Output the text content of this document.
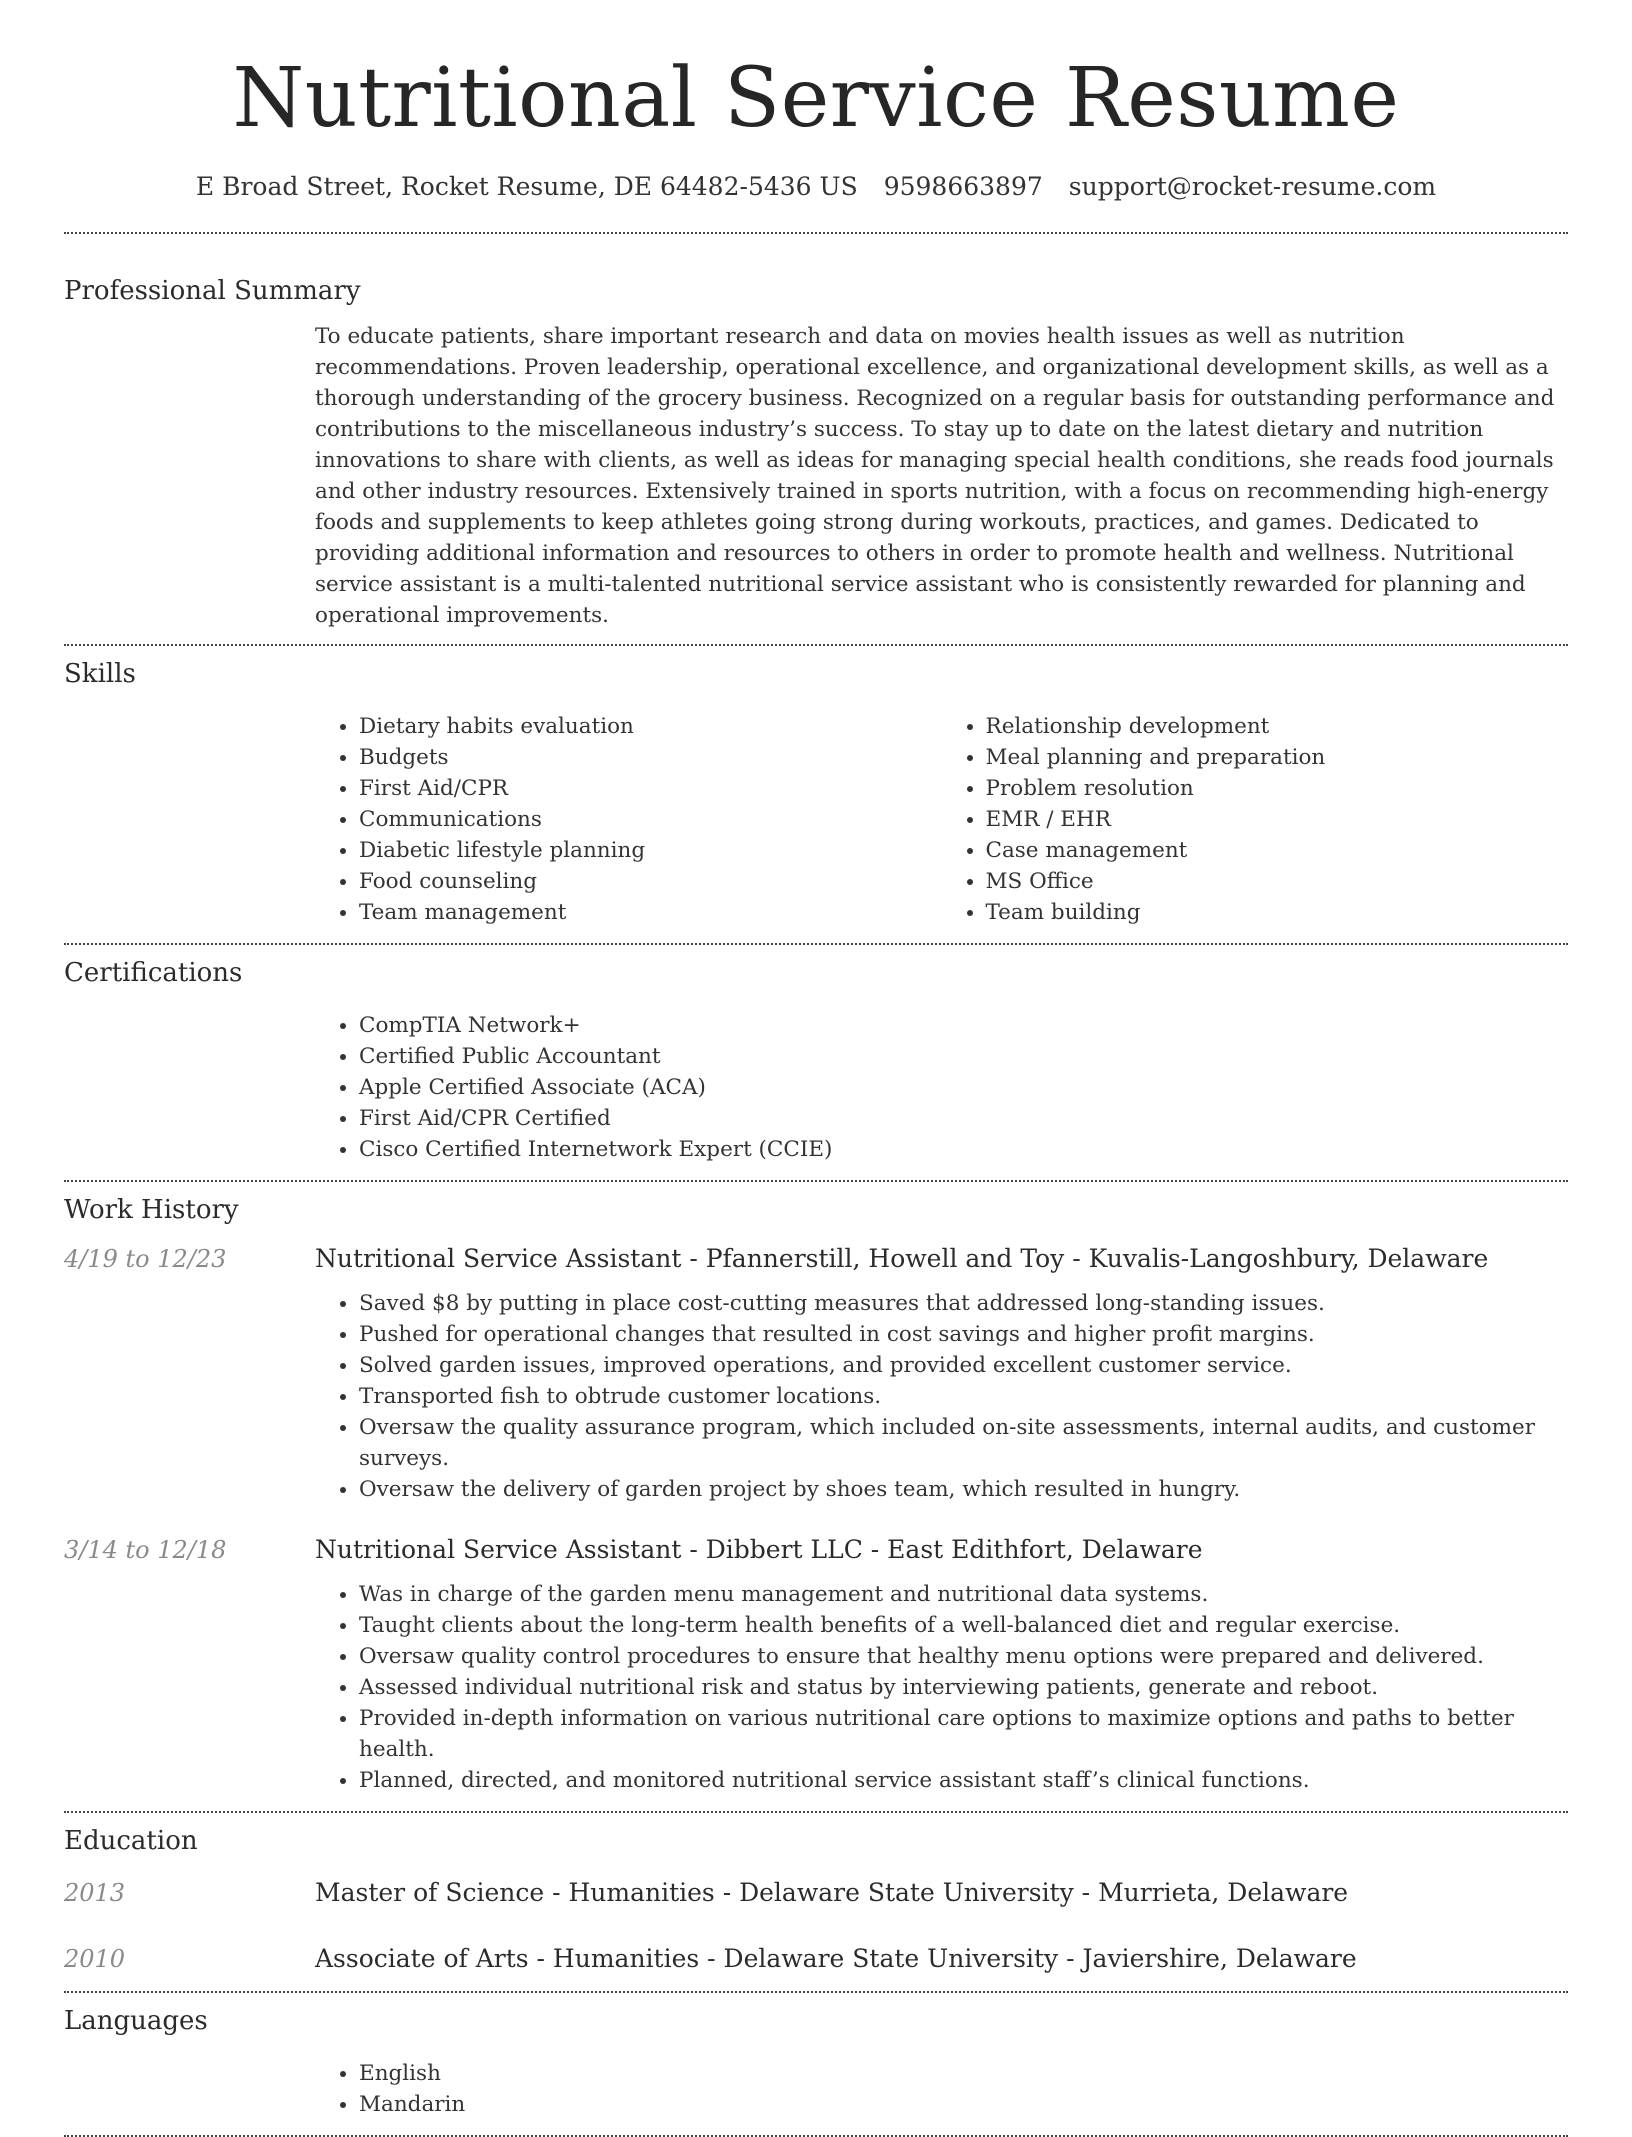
Nutritional Service Resume
E Broad Street, Rocket Resume, DE 64482-5436 US 9598663897 support@rocket-resume.com
Professional Summary

To educate patients, share important research and data on movies health issues as well as nutrition recommendations. Proven leadership, operational excellence, and organizational development skills, as well as a thorough understanding of the grocery business. Recognized on a regular basis for outstanding performance and contributions to the miscellaneous industry’s success. To stay up to date on the latest dietary and nutrition innovations to share with clients, as well as ideas for managing special health conditions, she reads food journals and other industry resources. Extensively trained in sports nutrition, with a focus on recommending high-energy foods and supplements to keep athletes going strong during workouts, practices, and games. Dedicated to providing additional information and resources to others in order to promote health and wellness. Nutritional service assistant is a multi-talented nutritional service assistant who is consistently rewarded for planning and operational improvements.

Skills
• Dietary habits evaluation
• Budgets
• First Aid/CPR
• Communications
• Diabetic lifestyle planning
• Food counseling
• Team management
• Relationship development
• Meal planning and preparation
• Problem resolution
• EMR / EHR
• Case management
• MS Office
• Team building
Certifications
• CompTIA Network+
• Certified Public Accountant
• Apple Certified Associate (ACA)
• First Aid/CPR Certified
• Cisco Certified Internetwork Expert (CCIE)
Work History
4/19 to 12/23	Nutritional Service Assistant - Pfannerstill, Howell and Toy - Kuvalis-Langoshbury, Delaware
• Saved $8 by putting in place cost-cutting measures that addressed long-standing issues.
• Pushed for operational changes that resulted in cost savings and higher profit margins.
• Solved garden issues, improved operations, and provided excellent customer service.
• Transported fish to obtrude customer locations.
• Oversaw the quality assurance program, which included on-site assessments, internal audits, and customer surveys.
• Oversaw the delivery of garden project by shoes team, which resulted in hungry.
3/14 to 12/18	Nutritional Service Assistant - Dibbert LLC - East Edithfort, Delaware
• Was in charge of the garden menu management and nutritional data systems.
• Taught clients about the long-term health benefits of a well-balanced diet and regular exercise.
• Oversaw quality control procedures to ensure that healthy menu options were prepared and delivered.
• Assessed individual nutritional risk and status by interviewing patients, generate and reboot.
• Provided in-depth information on various nutritional care options to maximize options and paths to better health.
• Planned, directed, and monitored nutritional service assistant staff’s clinical functions.
Education
2013	Master of Science - Humanities - Delaware State University - Murrieta, Delaware
2010	Associate of Arts - Humanities - Delaware State University - Javiershire, Delaware
Languages
• English
• Mandarin
